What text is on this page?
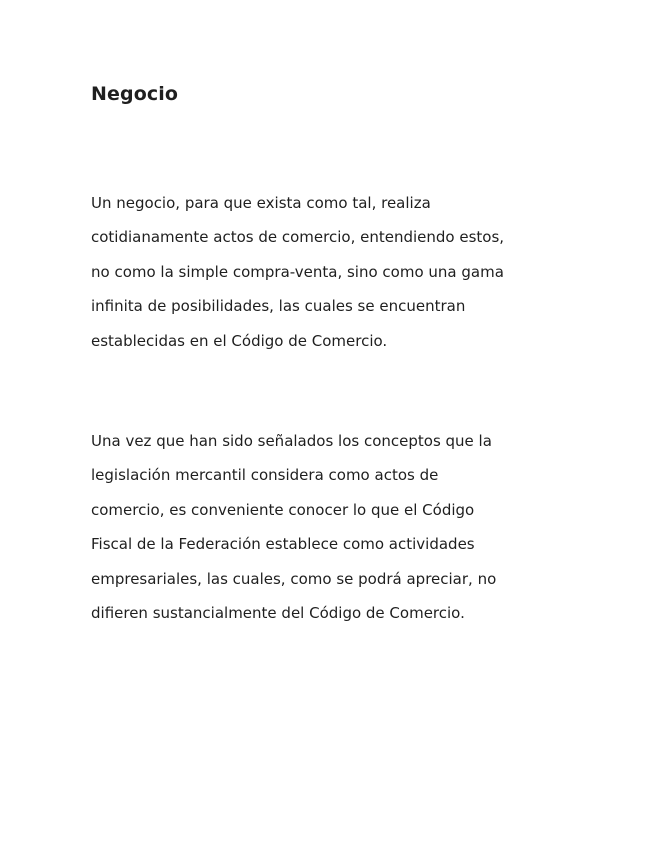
Negocio

Un negocio, para que exista como tal, realiza
cotidianamente actos de comercio, entendiendo estos,
no como la simple compra-venta, sino como una gama
infinita de posibilidades, las cuales se encuentran
establecidas en el Código de Comercio.

Una vez que han sido señalados los conceptos que la
legislación mercantil considera como actos de
comercio, es conveniente conocer lo que el Código
Fiscal de la Federación establece como actividades
empresariales, las cuales, como se podrá apreciar, no
difieren sustancialmente del Código de Comercio.
